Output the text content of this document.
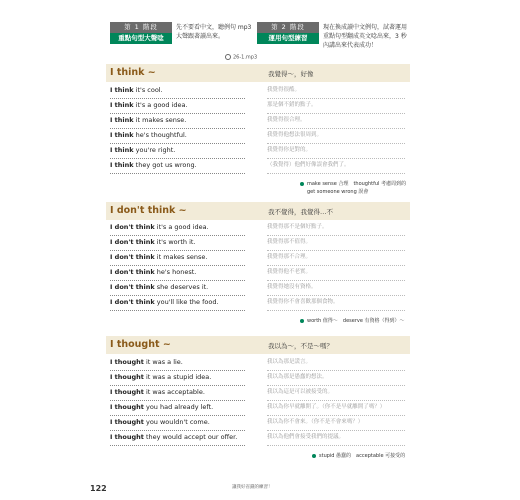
第 1 階段
重點句型大聲唸
先不要看中文，聽例句 mp3
大聲跟著讀出來。
第 2 階段
運用句型練習
現在換成讀中文例句，試著運用
重點句型翻成英文唸出來，3 秒
內講出來代表成功！
26-1.mp3
I think ~	我覺得～，好像
I think it's cool.	我覺得很酷。
I think it's a good idea.	那是個不錯的點子。
I think it makes sense.	我覺得很合理。
I think he's thoughtful.	我覺得他想法很周到。
I think you're right.	我覺得你是對的。
I think they got us wrong.	（我覺得）他們好像誤會我們了。
make sense 合理　thoughtful 考慮周到的
get someone wrong 誤會
I don't think ~	我不覺得，我覺得…不
I don't think it's a good idea.	我覺得那不是個好點子。
I don't think it's worth it.	我覺得那不值得。
I don't think it makes sense.	我覺得那不合理。
I don't think he's honest.	我覺得他不老實。
I don't think she deserves it.	我覺得她沒有資格。
I don't think you'll like the food.	我覺得你不會喜歡那個食物。
worth 值得～　deserve 有資格（得到）～
I thought ~	我以為～，不是～嗎？
I thought it was a lie.	我以為那是謊言。
I thought it was a stupid idea.	我以為那是愚蠢的想法。
I thought it was acceptable.	我以為這是可以被接受的。
I thought you had already left.	我以為你早就離開了。（你不是早就離開了嗎？）
I thought you wouldn't come.	我以為你不會來。（你不是不會來嗎？）
I thought they would accept our offer.	我以為他們會接受我們的提議。
stupid 愚蠢的　acceptable 可接受的
122	讓我好省錢的練習！
